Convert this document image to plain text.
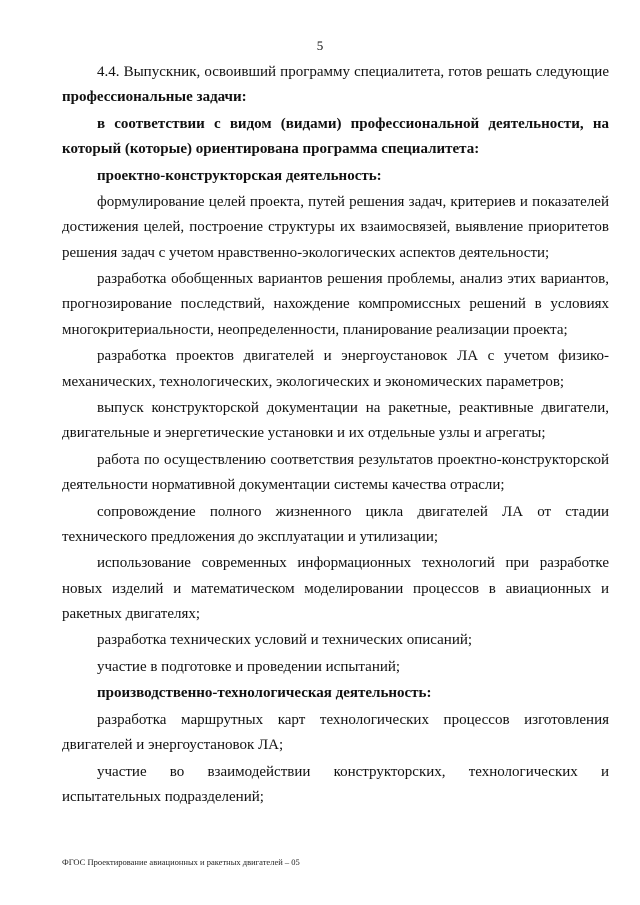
5

4.4. Выпускник, освоивший программу специалитета, готов решать следующие профессиональные задачи:

в соответствии с видом (видами) профессиональной деятельности, на который (которые) ориентирована программа специалитета:

проектно-конструкторская деятельность:

формулирование целей проекта, путей решения задач, критериев и показателей достижения целей, построение структуры их взаимосвязей, выявление приоритетов решения задач с учетом нравственно-экологических аспектов деятельности;

разработка обобщенных вариантов решения проблемы, анализ этих вариантов, прогнозирование последствий, нахождение компромиссных решений в условиях многокритериальности, неопределенности, планирование реализации проекта;

разработка проектов двигателей и энергоустановок ЛА с учетом физико-механических, технологических, экологических и экономических параметров;

выпуск конструкторской документации на ракетные, реактивные двигатели, двигательные и энергетические установки и их отдельные узлы и агрегаты;

работа по осуществлению соответствия результатов проектно-конструкторской деятельности нормативной документации системы качества отрасли;

сопровождение полного жизненного цикла двигателей ЛА от стадии технического предложения до эксплуатации и утилизации;

использование современных информационных технологий при разработке новых изделий и математическом моделировании процессов в авиационных и ракетных двигателях;

разработка технических условий и технических описаний;

участие в подготовке и проведении испытаний;

производственно-технологическая деятельность:

разработка маршрутных карт технологических процессов изготовления двигателей и энергоустановок ЛА;

участие во взаимодействии конструкторских, технологических и испытательных подразделений;

ФГОС Проектирование авиационных и ракетных двигателей – 05
